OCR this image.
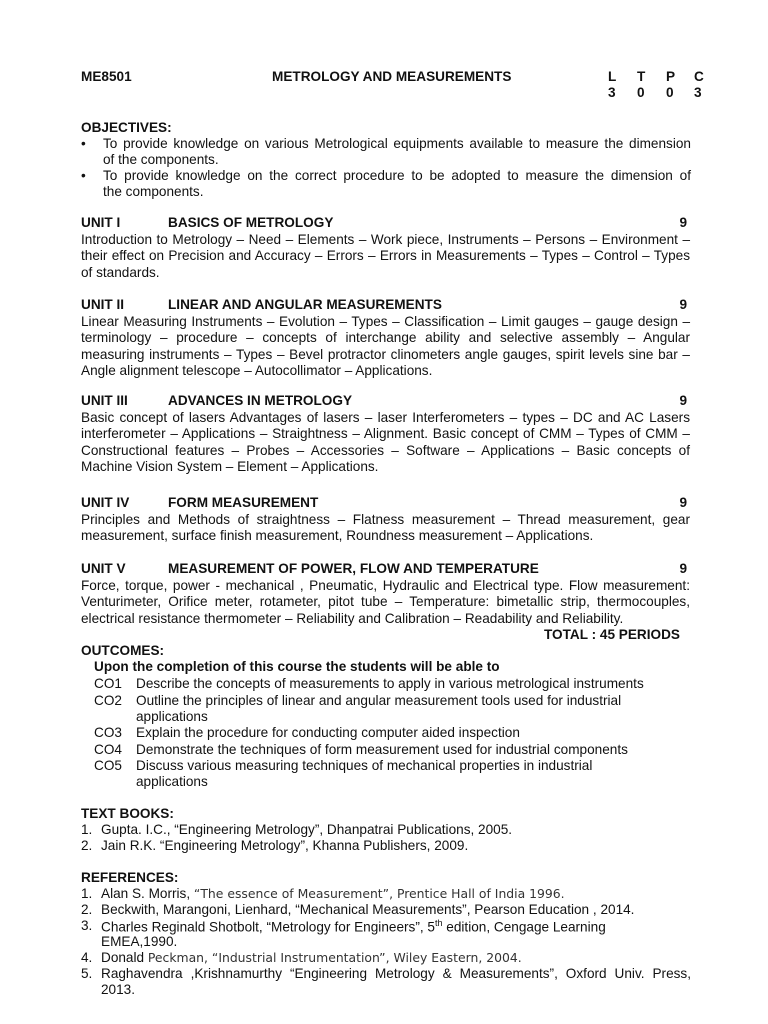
ME8501	METROLOGY AND MEASUREMENTS	L T P C
3 0 0 3
OBJECTIVES:
• To provide knowledge on various Metrological equipments available to measure the dimension
of the components.
• To provide knowledge on the correct procedure to be adopted to measure the dimension of
the components.
UNIT I	BASICS OF METROLOGY	9
Introduction to Metrology – Need – Elements – Work piece, Instruments – Persons – Environment – their effect on Precision and Accuracy – Errors – Errors in Measurements – Types – Control – Types of standards.
UNIT II	LINEAR AND ANGULAR MEASUREMENTS	9
Linear Measuring Instruments – Evolution – Types – Classification – Limit gauges – gauge design – terminology – procedure – concepts of interchange ability and selective assembly – Angular measuring instruments – Types – Bevel protractor clinometers angle gauges, spirit levels sine bar – Angle alignment telescope – Autocollimator – Applications.
UNIT III	ADVANCES IN METROLOGY	9
Basic concept of lasers Advantages of lasers – laser Interferometers – types – DC and AC Lasers interferometer – Applications – Straightness – Alignment. Basic concept of CMM – Types of CMM – Constructional features – Probes – Accessories – Software – Applications – Basic concepts of Machine Vision System – Element – Applications.
UNIT IV	FORM MEASUREMENT	9
Principles and Methods of straightness – Flatness measurement – Thread measurement, gear measurement, surface finish measurement, Roundness measurement – Applications.
UNIT V	MEASUREMENT OF POWER, FLOW AND TEMPERATURE	9
Force, torque, power - mechanical , Pneumatic, Hydraulic and Electrical type. Flow measurement: Venturimeter, Orifice meter, rotameter, pitot tube – Temperature: bimetallic strip, thermocouples, electrical resistance thermometer – Reliability and Calibration – Readability and Reliability.
TOTAL : 45 PERIODS
OUTCOMES:
Upon the completion of this course the students will be able to
CO1 Describe the concepts of measurements to apply in various metrological instruments
CO2 Outline the principles of linear and angular measurement tools used for industrial
applications
CO3 Explain the procedure for conducting computer aided inspection
CO4 Demonstrate the techniques of form measurement used for industrial components
CO5 Discuss various measuring techniques of mechanical properties in industrial
applications
TEXT BOOKS:
1. Gupta. I.C., “Engineering Metrology”, Dhanpatrai Publications, 2005.
2. Jain R.K. “Engineering Metrology”, Khanna Publishers, 2009.
REFERENCES:
1. Alan S. Morris, “The essence of Measurement”, Prentice Hall of India 1996.
2. Beckwith, Marangoni, Lienhard, “Mechanical Measurements”, Pearson Education , 2014.
3. Charles Reginald Shotbolt, “Metrology for Engineers”, 5th edition, Cengage Learning
EMEA,1990.
4. Donald Peckman, “Industrial Instrumentation”, Wiley Eastern, 2004.
5. Raghavendra ,Krishnamurthy “Engineering Metrology & Measurements”, Oxford Univ. Press,
2013.
